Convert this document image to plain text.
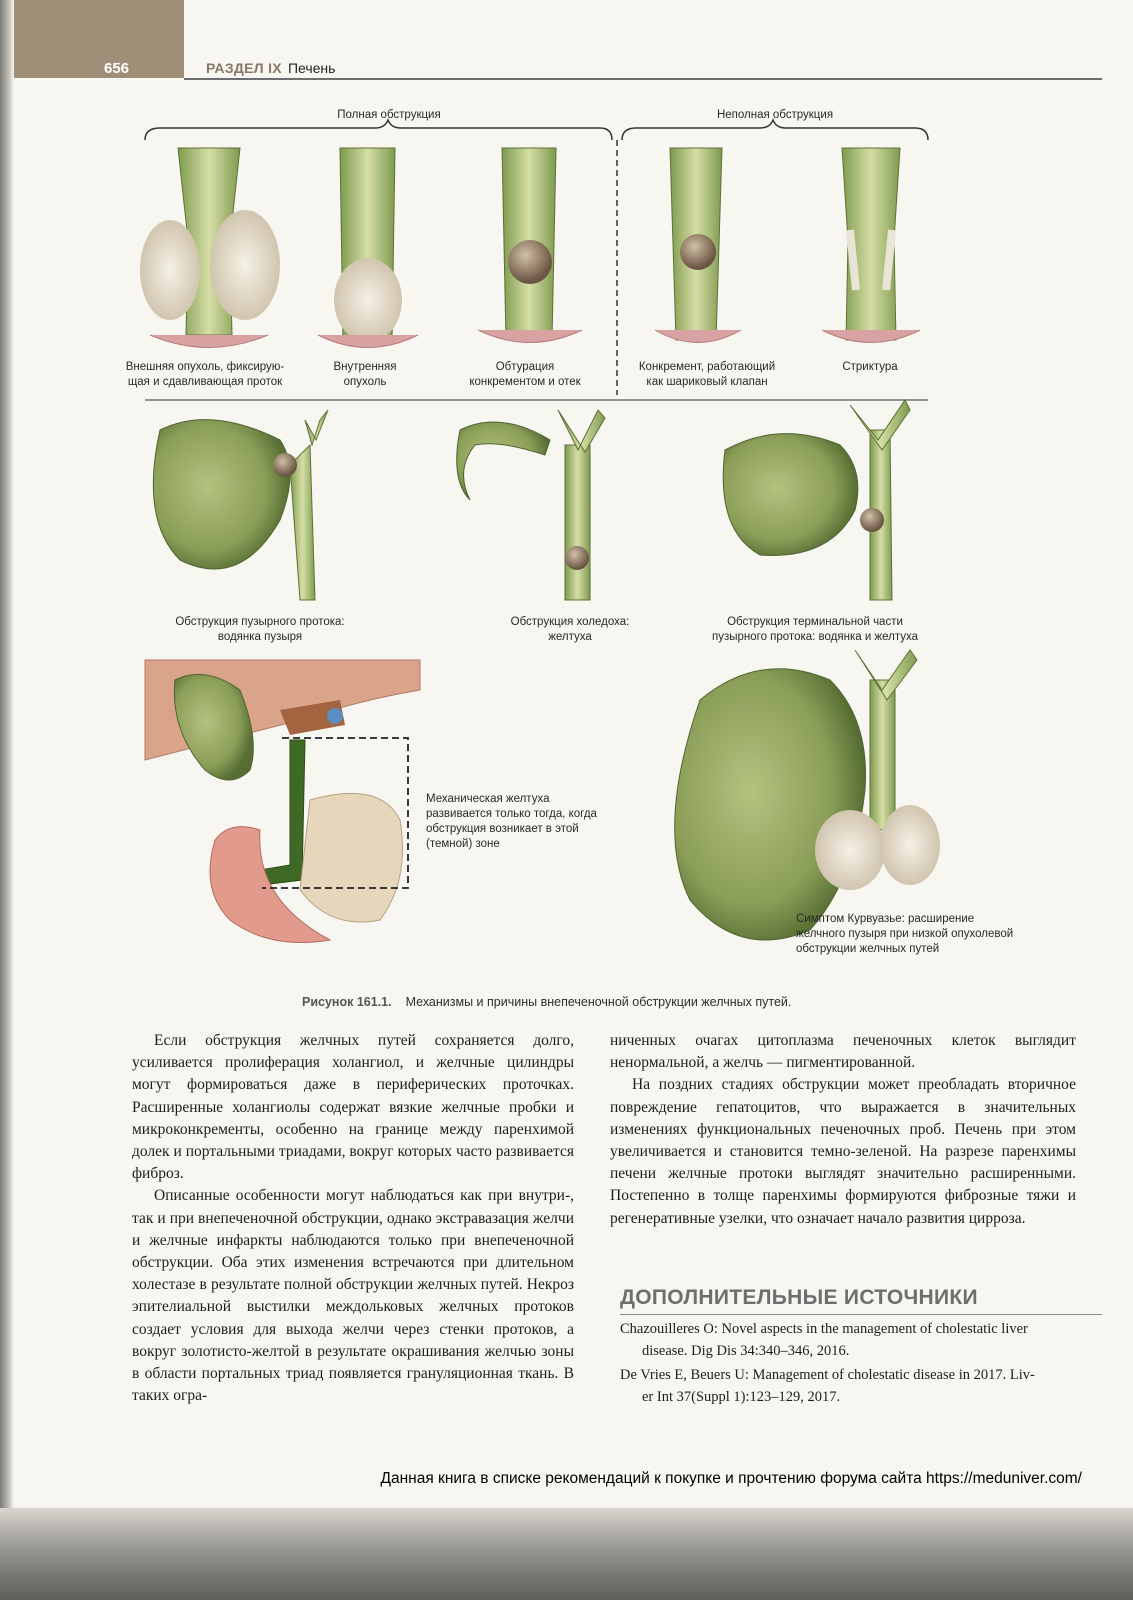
656	РАЗДЕЛ IX Печень
Полная обструкция	Неполная обструкция
Внешняя опухоль, фиксирую-
щая и сдавливающая проток
Внутренняя
опухоль
Обтурация
конкрементом и отек
Конкремент, работающий
как шариковый клапан
Стриктура
Обструкция пузырного протока:
водянка пузыря
Обструкция холедоха:
желтуха
Обструкция терминальной части
пузырного протока: водянка и желтуха
Механическая желтуха
развивается только тогда, когда
обструкция возникает в этой
(темной) зоне
Симптом Курвуазье: расширение
желчного пузыря при низкой опухолевой
обструкции желчных путей
Рисунок 161.1. Механизмы и причины внепеченочной обструкции желчных путей.

Если обструкция желчных путей сохраняется долго, усиливается пролиферация холангиол, и желчные цилиндры могут формироваться даже в периферических проточках. Расширенные холангиолы содержат вязкие желчные пробки и микроконкременты, особенно на границе между паренхимой долек и портальными триадами, вокруг которых часто развивается фиброз.

Описанные особенности могут наблюдаться как при внутри-, так и при внепеченочной обструкции, однако экстравазация желчи и желчные инфаркты наблюдаются только при внепеченочной обструкции. Оба этих изменения встречаются при длительном холестазе в результате полной обструкции желчных путей. Некроз эпителиальной выстилки междольковых желчных протоков создает условия для выхода желчи через стенки протоков, а вокруг золотисто-желтой в результате окрашивания желчью зоны в области портальных триад появляется грануляционная ткань. В таких огра-

ниченных очагах цитоплазма печеночных клеток выглядит ненормальной, а желчь — пигментированной.

На поздних стадиях обструкции может преобладать вторичное повреждение гепатоцитов, что выражается в значительных изменениях функциональных печеночных проб. Печень при этом увеличивается и становится темно-зеленой. На разрезе паренхимы печени желчные протоки выглядят значительно расширенными. Постепенно в толще паренхимы формируются фиброзные тяжи и регенеративные узелки, что означает начало развития цирроза.

ДОПОЛНИТЕЛЬНЫЕ ИСТОЧНИКИ
Chazouilleres O: Novel aspects in the management of cholestatic liver
disease. Dig Dis 34:340–346, 2016.
De Vries E, Beuers U: Management of cholestatic disease in 2017. Liv-
er Int 37(Suppl 1):123–129, 2017.
Данная книга в списке рекомендаций к покупке и прочтению форума сайта https://meduniver.com/
